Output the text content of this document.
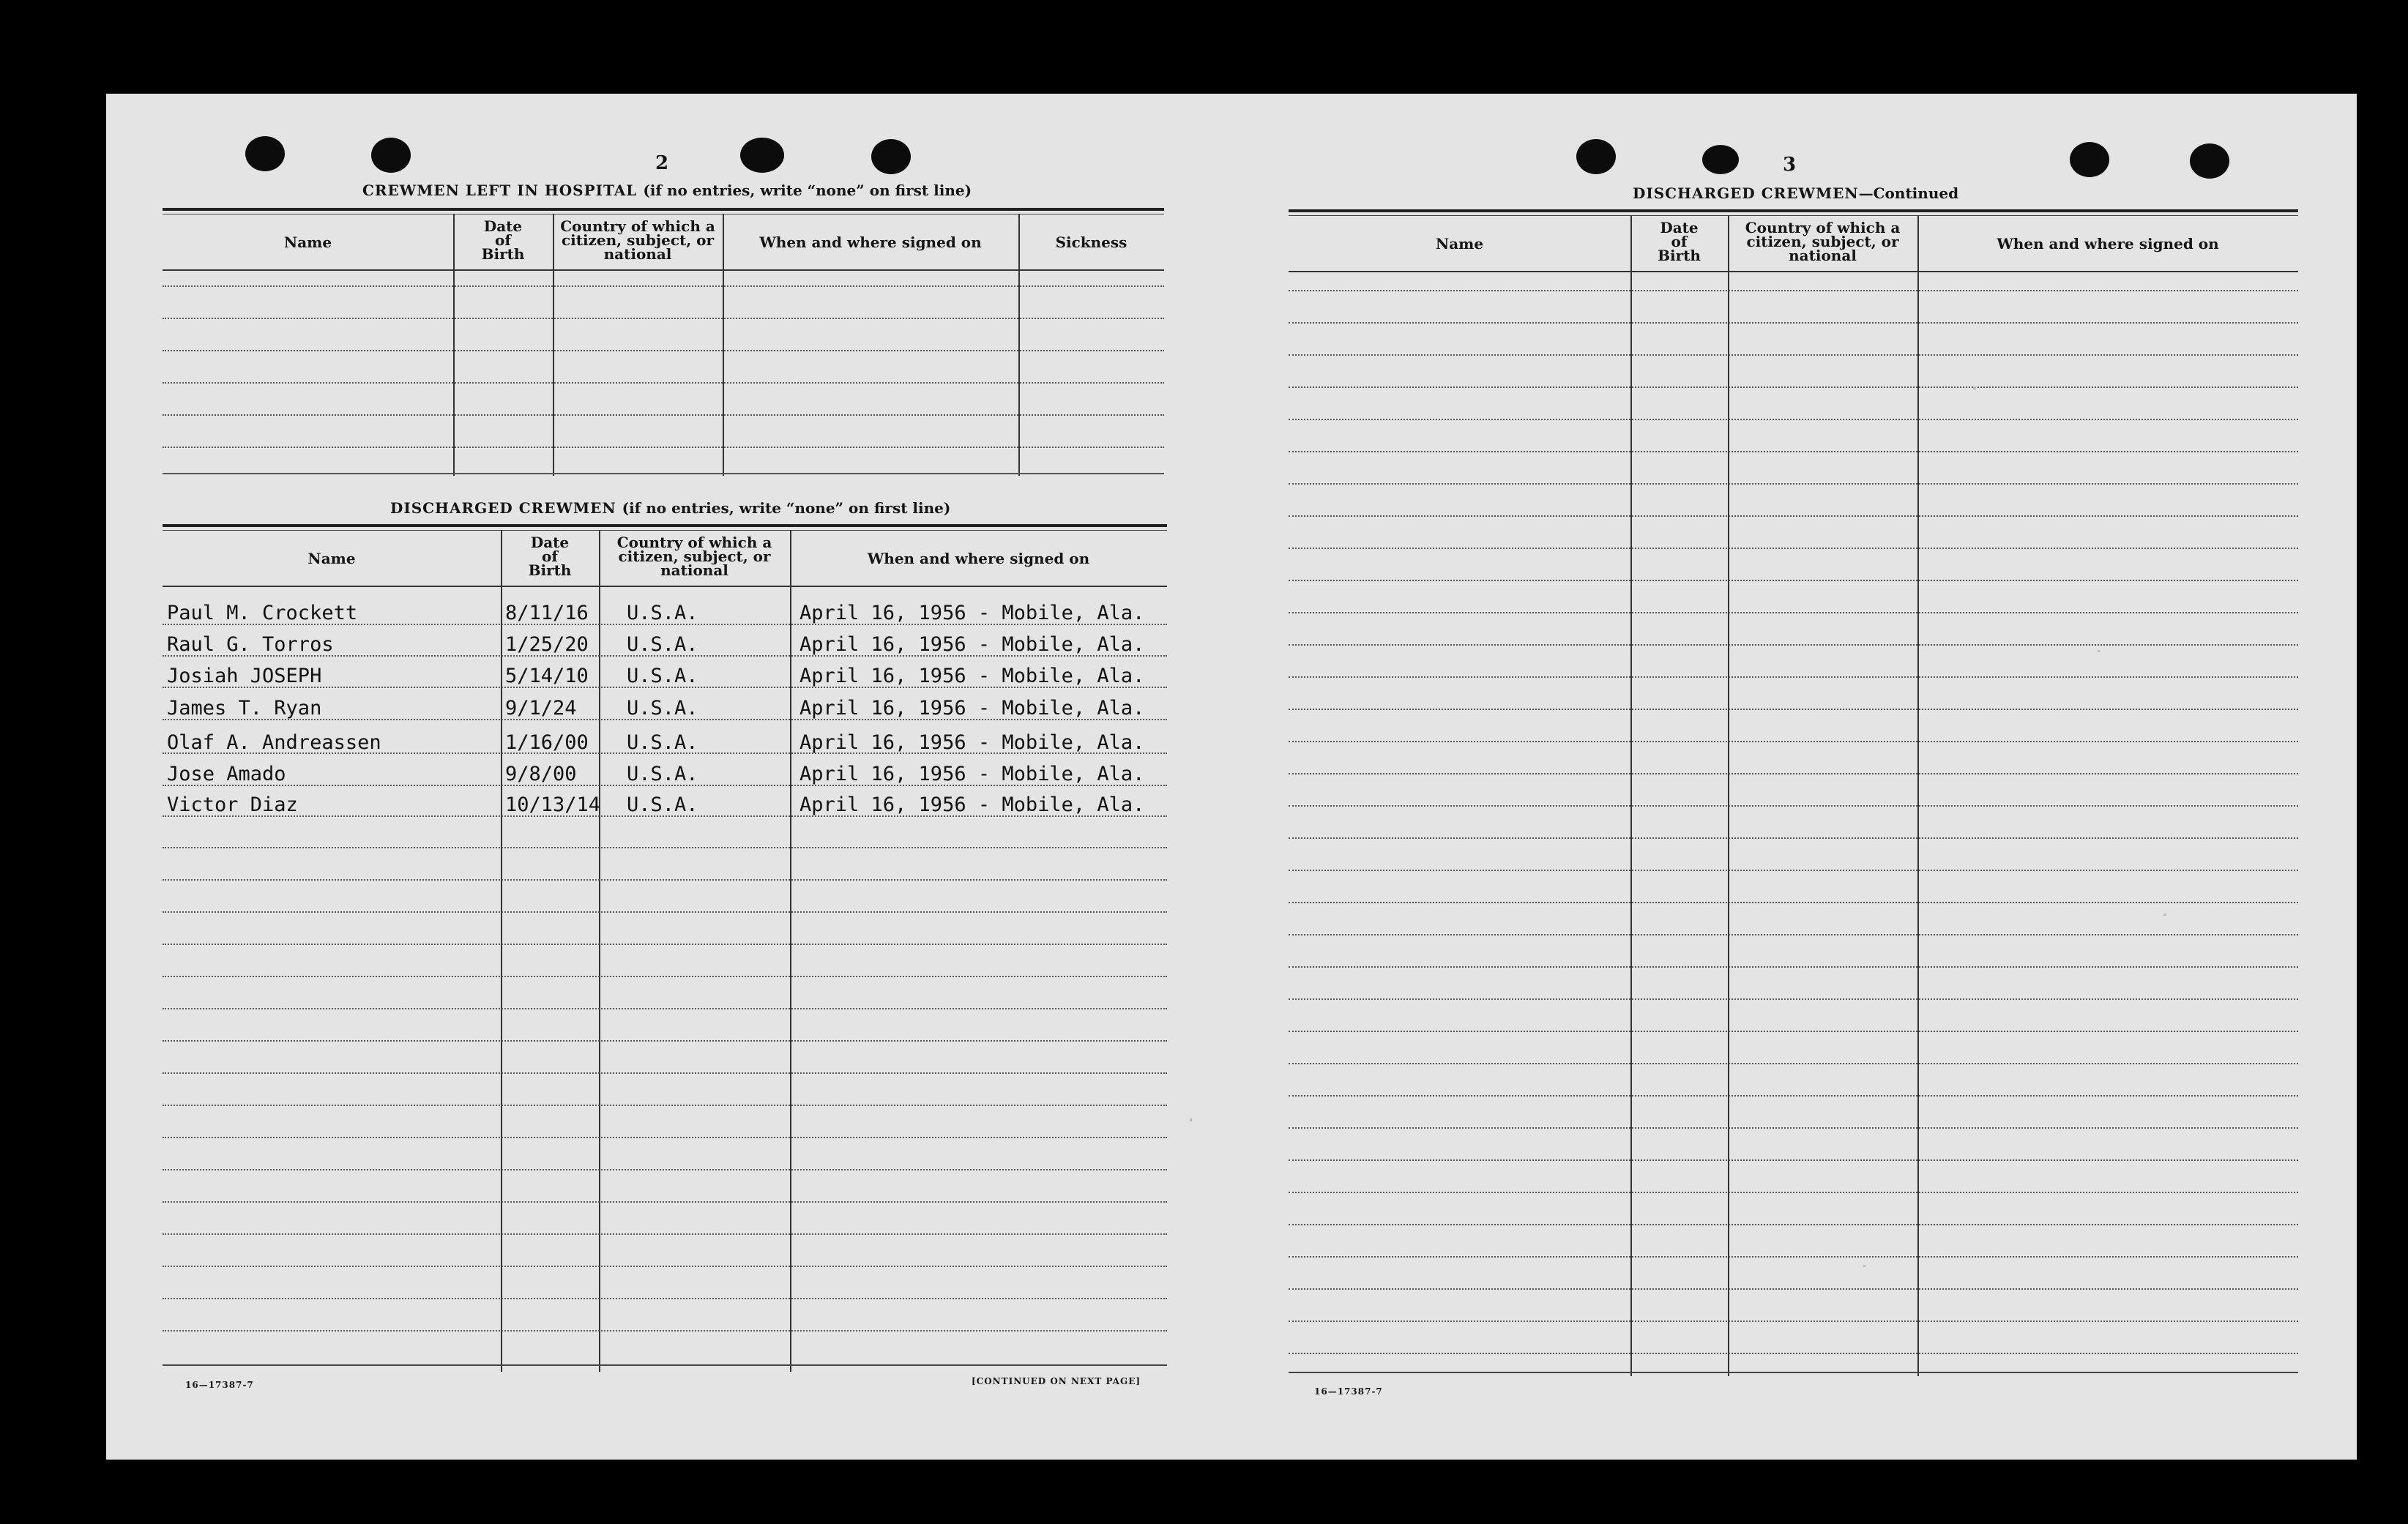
2
CREWMEN LEFT IN HOSPITAL (if no entries, write “none” on first line)
Name
Date
of
Birth
Country of which a
citizen, subject, or
national
When and where signed on	Sickness
DISCHARGED CREWMEN (if no entries, write “none” on first line)
Name
Date
of
Birth
Country of which a
citizen, subject, or
national
When and where signed on
Paul M. Crockett	8/11/16 U.S.A.	April 16, 1956 - Mobile, Ala.
Raul G. Torros	1/25/20 U.S.A.	April 16, 1956 - Mobile, Ala.
Josiah JOSEPH	5/14/10 U.S.A.	April 16, 1956 - Mobile, Ala.
James T. Ryan	9/1/24	U.S.A.	April 16, 1956 - Mobile, Ala.
Olaf A. Andreassen	1/16/00 U.S.A.	April 16, 1956 - Mobile, Ala.
Jose Amado	9/8/00	U.S.A.	April 16, 1956 - Mobile, Ala.
Victor Diaz	10/13/14 U.S.A.	April 16, 1956 - Mobile, Ala.
16—17387-7	[CONTINUED ON NEXT PAGE]
3
DISCHARGED CREWMEN—Continued
Name
Date
of
Birth
Country of which a
citizen, subject, or
national
When and where signed on
16—17387-7
